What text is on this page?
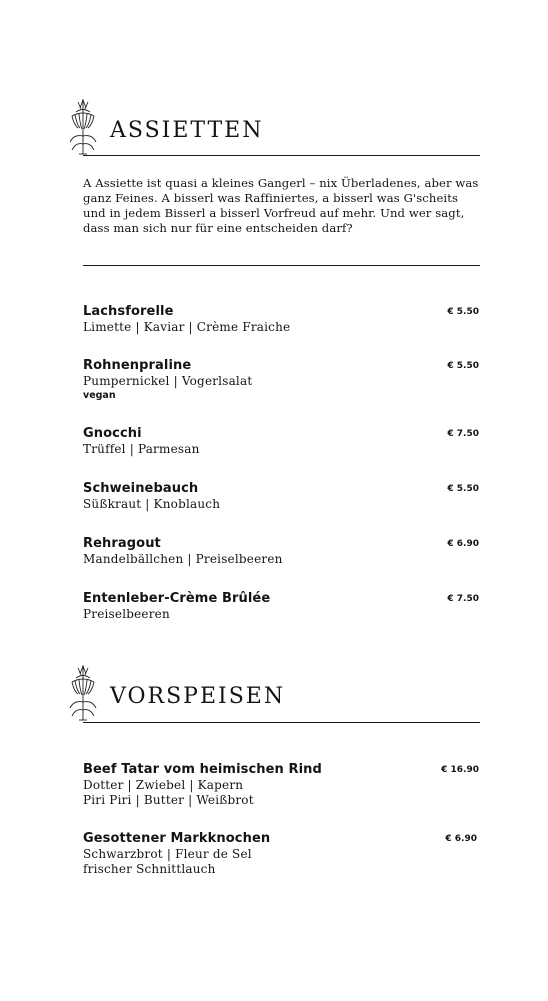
ASSIETTEN
A Assiette ist quasi a kleines Gangerl – nix Überladenes, aber was ganz Feines. A bisserl was Raffiniertes, a bisserl was G'scheits und in jedem Bisserl a bisserl Vorfreud auf mehr. Und wer sagt, dass man sich nur für eine entscheiden darf?
Lachsforelle
Limette | Kaviar | Crème Fraiche
€ 5.50
Rohnenpraline
Pumpernickel | Vogerlsalat
vegan
€ 5.50
Gnocchi
Trüffel | Parmesan
€ 7.50
Schweinebauch
Süßkraut | Knoblauch
€ 5.50
Rehragout
Mandelbällchen | Preiselbeeren
€ 6.90
Entenleber-Crème Brûlée
Preiselbeeren
€ 7.50
VORSPEISEN
Beef Tatar vom heimischen Rind
Dotter | Zwiebel | Kapern
Piri Piri | Butter | Weißbrot
€ 16.90
Gesottener Markknochen
Schwarzbrot | Fleur de Sel
frischer Schnittlauch
€ 6.90
